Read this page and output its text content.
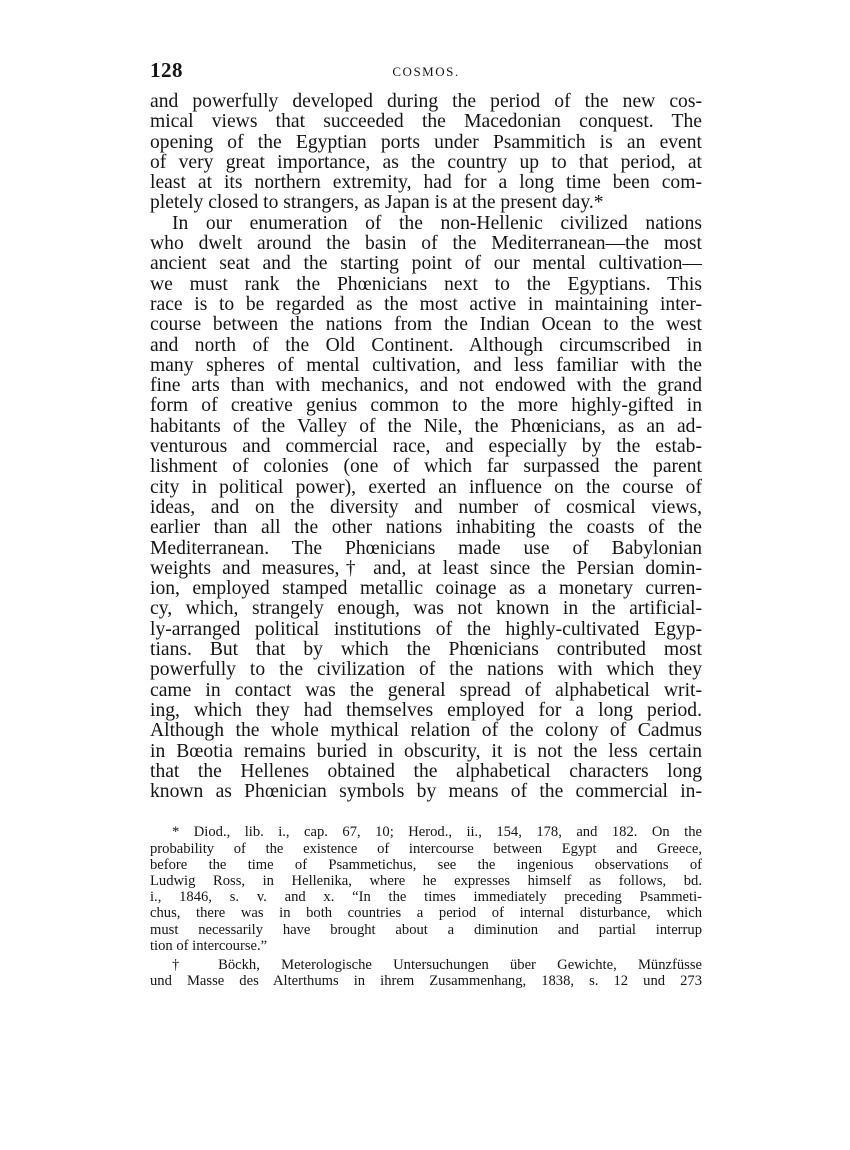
128	COSMOS.
and powerfully developed during the period of the new cos-
mical views that succeeded the Macedonian conquest. The
opening of the Egyptian ports under Psammitich is an event
of very great importance, as the country up to that period, at
least at its northern extremity, had for a long time been com-
pletely closed to strangers, as Japan is at the present day.*
In our enumeration of the non-Hellenic civilized nations
who dwelt around the basin of the Mediterranean—the most
ancient seat and the starting point of our mental cultivation—
we must rank the Phœnicians next to the Egyptians. This
race is to be regarded as the most active in maintaining inter-
course between the nations from the Indian Ocean to the west
and north of the Old Continent. Although circumscribed in
many spheres of mental cultivation, and less familiar with the
fine arts than with mechanics, and not endowed with the grand
form of creative genius common to the more highly-gifted in
habitants of the Valley of the Nile, the Phœnicians, as an ad-
venturous and commercial race, and especially by the estab-
lishment of colonies (one of which far surpassed the parent
city in political power), exerted an influence on the course of
ideas, and on the diversity and number of cosmical views,
earlier than all the other nations inhabiting the coasts of the
Mediterranean. The Phœnicians made use of Babylonian
weights and measures,† and, at least since the Persian domin-
ion, employed stamped metallic coinage as a monetary curren-
cy, which, strangely enough, was not known in the artificial-
ly-arranged political institutions of the highly-cultivated Egyp-
tians. But that by which the Phœnicians contributed most
powerfully to the civilization of the nations with which they
came in contact was the general spread of alphabetical writ-
ing, which they had themselves employed for a long period.
Although the whole mythical relation of the colony of Cadmus
in Bœotia remains buried in obscurity, it is not the less certain
that the Hellenes obtained the alphabetical characters long
known as Phœnician symbols by means of the commercial in-
* Diod., lib. i., cap. 67, 10; Herod., ii., 154, 178, and 182. On the
probability of the existence of intercourse between Egypt and Greece,
before the time of Psammetichus, see the ingenious observations of
Ludwig Ross, in Hellenika, where he expresses himself as follows, bd.
i., 1846, s. v. and x. “In the times immediately preceding Psammeti-
chus, there was in both countries a period of internal disturbance, which
must necessarily have brought about a diminution and partial interrup
tion of intercourse.”
† Böckh, Meterologische Untersuchungen über Gewichte, Münzfüsse
und Masse des Alterthums in ihrem Zusammenhang, 1838, s. 12 und 273
